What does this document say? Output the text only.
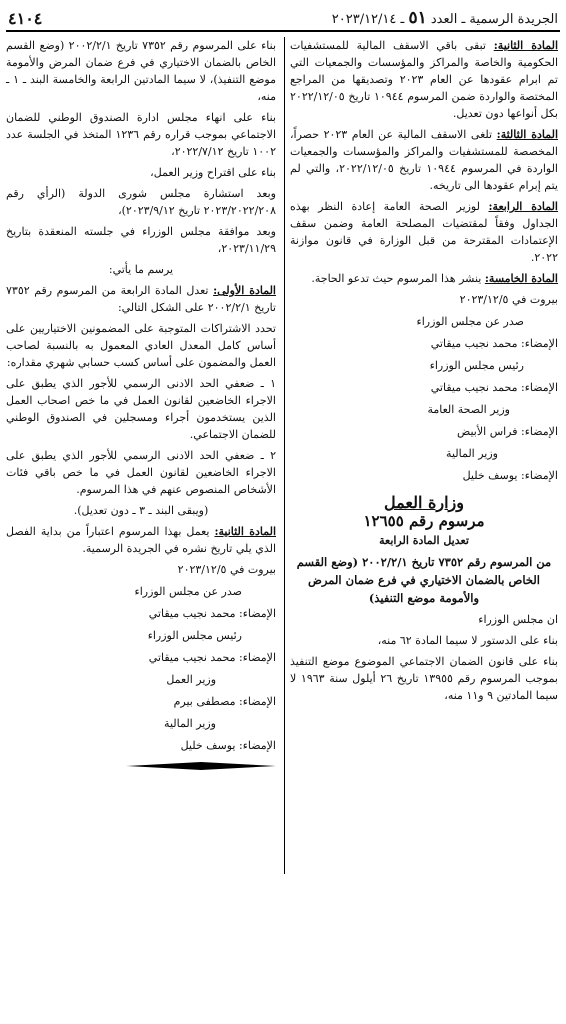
الجريدة الرسمية ـ العدد ٥١ ـ ٢٠٢٣/١٢/١٤
٤١٠٤

المادة الثانية: تبقى باقي الاسقف المالية للمستشفيات الحكومية والخاصة والمراكز والمؤسسات والجمعيات التي تم ابرام عقودها عن العام ٢٠٢٣ وتصديقها من المراجع المختصة والواردة ضمن المرسوم ١٠٩٤٤ تاريخ ٢٠٢٢/١٢/٠٥ بكل أنواعها دون تعديل.

المادة الثالثة: تلغى الاسقف المالية عن العام ٢٠٢٣ حصراً، المخصصة للمستشفيات والمراكز والمؤسسات والجمعيات الواردة في المرسوم ١٠٩٤٤ تاريخ ٢٠٢٢/١٢/٠٥، والتي لم يتم إبرام عقودها الى تاريخه.

المادة الرابعة: لوزير الصحة العامة إعادة النظر بهذه الجداول وفقاً لمقتضيات المصلحة العامة وضمن سقف الإعتمادات المقترحة من قبل الوزارة في قانون موازنة ٢٠٢٢.

المادة الخامسة: ينشر هذا المرسوم حيث تدعو الحاجة.

بيروت في ٢٠٢٣/١٢/٥

صدر عن مجلس الوزراء

الإمضاء: محمد نجيب ميقاتي

رئيس مجلس الوزراء

الإمضاء: محمد نجيب ميقاتي

وزير الصحة العامة

الإمضاء: فراس الأبيض

وزير المالية

الإمضاء: يوسف خليل

وزارة العمل
مرسوم رقم ١٢٦٥٥

تعديل المادة الرابعة

من المرسوم رقم ٧٣٥٢ تاريخ ٢٠٠٢/٢/١ (وضع القسم الخاص بالضمان الاختياري في فرع ضمان المرض والأمومة موضع التنفيذ)

ان مجلس الوزراء

بناء على الدستور لا سيما المادة ٦٢ منه،

بناء على قانون الضمان الاجتماعي الموضوع موضع التنفيذ بموجب المرسوم رقم ١٣٩٥٥ تاريخ ٢٦ أيلول سنة ١٩٦٣ لا سيما المادتين ٩ و١١ منه،

بناء على المرسوم رقم ٧٣٥٢ تاريخ ٢٠٠٢/٢/١ (وضع القسم الخاص بالضمان الاختياري في فرع ضمان المرض والأمومة موضع التنفيذ)، لا سيما المادتين الرابعة والخامسة البند ـ ١ ـ منه،

بناء على انهاء مجلس ادارة الصندوق الوطني للضمان الاجتماعي بموجب قراره رقم ١٢٣٦ المتخذ في الجلسة عدد ١٠٠٢ تاريخ ٢٠٢٢/٧/١٢،

بناء على اقتراح وزير العمل،

وبعد استشارة مجلس شورى الدولة (الرأي رقم ٢٠٢٣/٢٠٢٢/٢٠٨ تاريخ ٢٠٢٣/٩/١٢)،

وبعد موافقة مجلس الوزراء في جلسته المنعقدة بتاريخ ٢٠٢٣/١١/٢٩،

يرسم ما يأتي:

المادة الأولى: تعدل المادة الرابعة من المرسوم رقم ٧٣٥٢ تاريخ ٢٠٠٢/٢/١ على الشكل التالي:

تحدد الاشتراكات المتوجبة على المضمونين الاختياريين على أساس كامل المعدل العادي المعمول به بالنسبة لصاحب العمل والمضمون على أساس كسب حسابي شهري مقداره:

١ ـ ضعفي الحد الادنى الرسمي للأجور الذي يطبق على الاجراء الخاضعين لقانون العمل في ما خص اصحاب العمل الذين يستخدمون أجراء ومسجلين في الصندوق الوطني للضمان الاجتماعي.

٢ ـ ضعفي الحد الادنى الرسمي للأجور الذي يطبق على الاجراء الخاضعين لقانون العمل في ما خص باقي فئات الأشخاص المنصوص عنهم في هذا المرسوم.

(ويبقى البند ـ ٣ ـ دون تعديل).

المادة الثانية: يعمل بهذا المرسوم اعتباراً من بداية الفصل الذي يلي تاريخ نشره في الجريدة الرسمية.

بيروت في ٢٠٢٣/١٢/٥

صدر عن مجلس الوزراء

الإمضاء: محمد نجيب ميقاتي

رئيس مجلس الوزراء

الإمضاء: محمد نجيب ميقاتي

وزير العمل

الإمضاء: مصطفى بيرم

وزير المالية

الإمضاء: يوسف خليل
